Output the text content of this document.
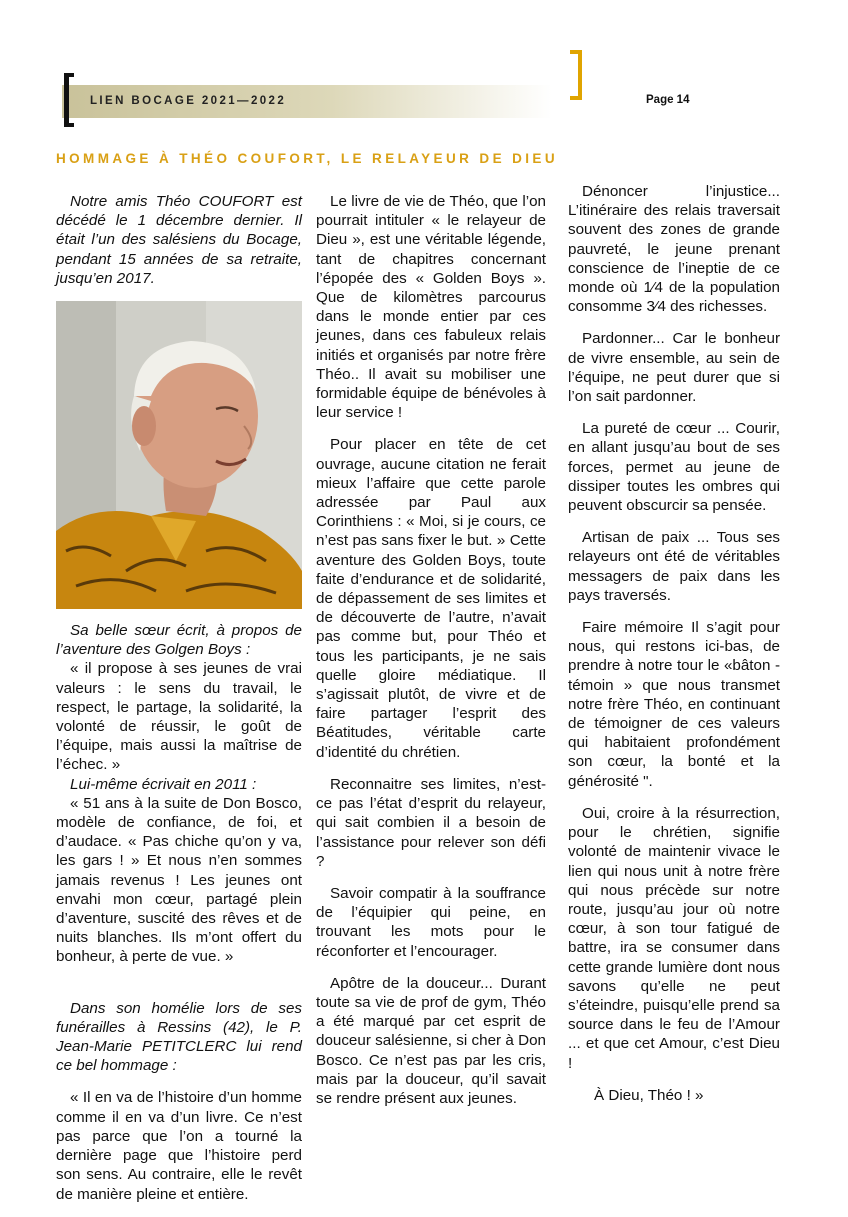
LIEN BOCAGE 2021—2022	Page 14
HOMMAGE À THÉO COUFORT, LE RELAYEUR DE DIEU

Notre amis Théo COUFORT est décédé le 1 décembre dernier. Il était l’un des salésiens du Bocage, pendant 15 années de sa retraite, jusqu’en 2017.

Sa belle sœur écrit, à propos de l’aventure des Golgen Boys :

« il propose à ses jeunes de vrai valeurs : le sens du travail, le respect, le partage, la solidarité, la volonté de réussir, le goût de l’équipe, mais aussi la maîtrise de l’échec. »

Lui-même écrivait en 2011 :

« 51 ans à la suite de Don Bosco, modèle de confiance, de foi, et d’audace. « Pas chiche qu’on y va, les gars ! » Et nous n’en sommes jamais revenus ! Les jeunes ont envahi mon cœur, partagé plein d’aventure, suscité des rêves et de nuits blanches. Ils m’ont offert du bonheur, à perte de vue. »

Dans son homélie lors de ses funérailles à Ressins (42), le P. Jean-Marie PETITCLERC lui rend ce bel hommage :

« Il en va de l’histoire d’un homme comme il en va d’un livre. Ce n’est pas parce que l’on a tourné la dernière page que l’histoire perd son sens. Au contraire, elle le revêt de manière pleine et entière.

Le livre de vie de Théo, que l’on pourrait intituler « le relayeur de Dieu », est une véritable légende, tant de chapitres concernant l’épopée des « Golden Boys ». Que de kilomètres parcourus dans le monde entier par ces jeunes, dans ces fabuleux relais initiés et organisés par notre frère Théo.. Il avait su mobiliser une formidable équipe de bénévoles à leur service !

Pour placer en tête de cet ouvrage, aucune citation ne ferait mieux l’affaire que cette parole adressée par Paul aux Corinthiens : « Moi, si je cours, ce n’est pas sans fixer le but. » Cette aventure des Golden Boys, toute faite d’endurance et de solidarité, de dépassement de ses limites et de découverte de l’autre, n’avait pas comme but, pour Théo et tous les participants, je ne sais quelle gloire médiatique. Il s’agissait plutôt, de vivre et de faire partager l’esprit des Béatitudes, véritable carte d’identité du chrétien.

Reconnaitre ses limites, n’est-ce pas l’état d’esprit du relayeur, qui sait combien il a besoin de l’assistance pour relever son défi ?

Savoir compatir à la souffrance de l’équipier qui peine, en trouvant les mots pour le réconforter et l’encourager.

Apôtre de la douceur... Durant toute sa vie de prof de gym, Théo a été marqué par cet esprit de douceur salésienne, si cher à Don Bosco. Ce n’est pas par les cris, mais par la douceur, qu’il savait se rendre présent aux jeunes.

Dénoncer l’injustice... L’itinéraire des relais traversait souvent des zones de grande pauvreté, le jeune prenant conscience de l’ineptie de ce monde où 1⁄4 de la population consomme 3⁄4 des richesses.

Pardonner... Car le bonheur de vivre ensemble, au sein de l’équipe, ne peut durer que si l’on sait pardonner.

La pureté de cœur ... Courir, en allant jusqu’au bout de ses forces, permet au jeune de dissiper toutes les ombres qui peuvent obscurcir sa pensée.

Artisan de paix ... Tous ses relayeurs ont été de véritables messagers de paix dans les pays traversés.

Faire mémoire Il s’agit pour nous, qui restons ici-bas, de prendre à notre tour le «bâton - témoin » que nous transmet notre frère Théo, en continuant de témoigner de ces valeurs qui habitaient profondément son cœur, la bonté et la générosité ".

Oui, croire à la résurrection, pour le chrétien, signifie volonté de maintenir vivace le lien qui nous unit à notre frère qui nous précède sur notre route, jusqu’au jour où notre cœur, à son tour fatigué de battre, ira se consumer dans cette grande lumière dont nous savons qu’elle ne peut s’éteindre, puisqu’elle prend sa source dans le feu de l’Amour ... et que cet Amour, c’est Dieu !

À Dieu, Théo ! »
